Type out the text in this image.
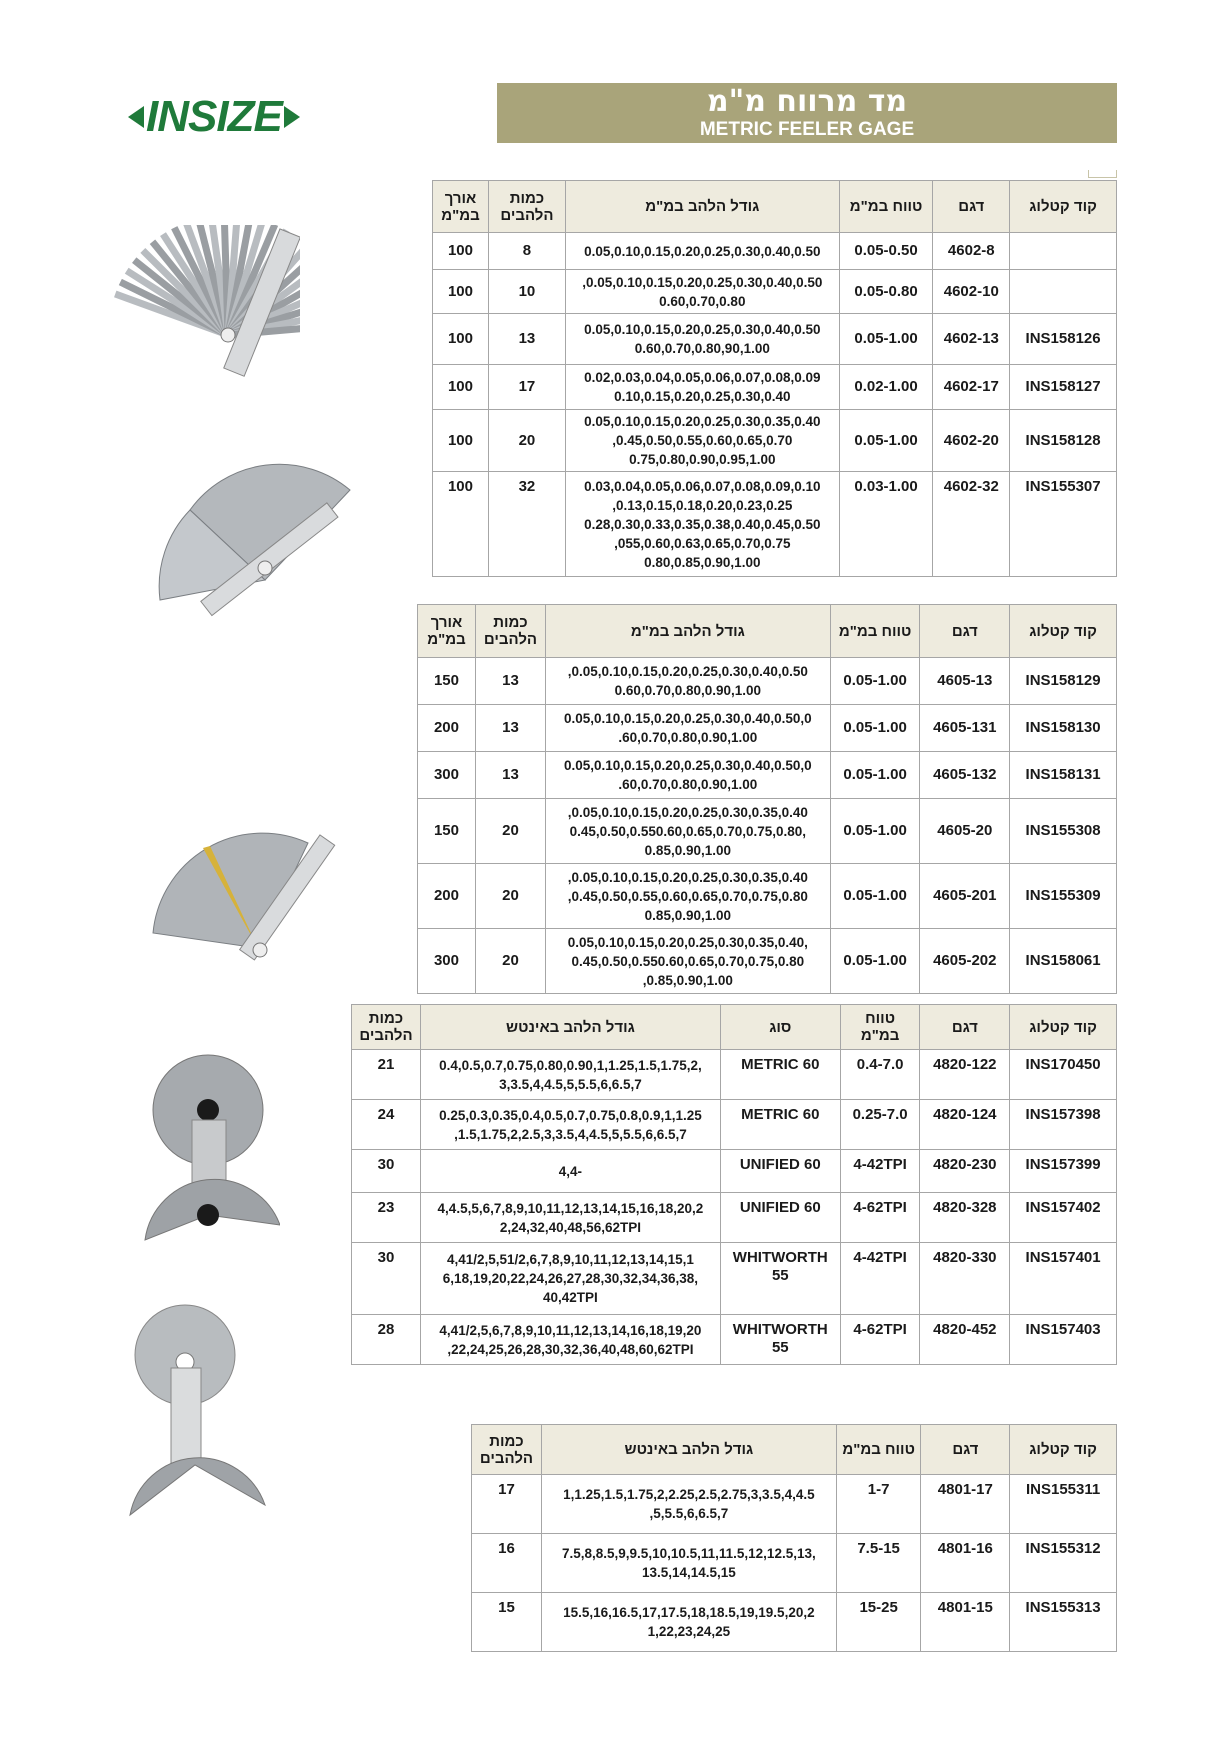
INSIZE	מד מרווח מ"מ
METRIC FEELER GAGE
קוד קטלוג	דגם	טווח במ"מ	גודל הלהב במ"מ	כמות הלהבים	אורך במ"מ
	4602-8	0.05-0.50	0.05,0.10,0.15,0.20,0.25,0.30,0.40,0.50	8	100
	4602-10	0.05-0.80	,0.05,0.10,0.15,0.20,0.25,0.30,0.40,0.50
0.60,0.70,0.80	10	100
INS158126	4602-13	0.05-1.00	0.05,0.10,0.15,0.20,0.25,0.30,0.40,0.50
0.60,0.70,0.80,90,1.00	13	100
INS158127	4602-17	0.02-1.00	0.02,0.03,0.04,0.05,0.06,0.07,0.08,0.09
0.10,0.15,0.20,0.25,0.30,0.40	17	100
INS158128	4602-20	0.05-1.00	0.05,0.10,0.15,0.20,0.25,0.30,0.35,0.40
,0.45,0.50,0.55,0.60,0.65,0.70
0.75,0.80,0.90,0.95,1.00	20	100
INS155307	4602-32	0.03-1.00	0.03,0.04,0.05,0.06,0.07,0.08,0.09,0.10
,0.13,0.15,0.18,0.20,0.23,0.25
0.28,0.30,0.33,0.35,0.38,0.40,0.45,0.50
,055,0.60,0.63,0.65,0.70,0.75
0.80,0.85,0.90,1.00	32	100
קוד קטלוג	דגם	טווח במ"מ	גודל הלהב במ"מ	כמות הלהבים	אורך במ"מ
INS158129	4605-13	0.05-1.00	,0.05,0.10,0.15,0.20,0.25,0.30,0.40,0.50
0.60,0.70,0.80,0.90,1.00	13	150
INS158130	4605-131	0.05-1.00	0.05,0.10,0.15,0.20,0.25,0.30,0.40,0.50,0
.60,0.70,0.80,0.90,1.00	13	200
INS158131	4605-132	0.05-1.00	0.05,0.10,0.15,0.20,0.25,0.30,0.40,0.50,0
.60,0.70,0.80,0.90,1.00	13	300
INS155308	4605-20	0.05-1.00	,0.05,0.10,0.15,0.20,0.25,0.30,0.35,0.40
0.45,0.50,0.550.60,0.65,0.70,0.75,0.80,
0.85,0.90,1.00	20	150
INS155309	4605-201	0.05-1.00	,0.05,0.10,0.15,0.20,0.25,0.30,0.35,0.40
,0.45,0.50,0.55,0.60,0.65,0.70,0.75,0.80
0.85,0.90,1.00	20	200
INS158061	4605-202	0.05-1.00	0.05,0.10,0.15,0.20,0.25,0.30,0.35,0.40,
0.45,0.50,0.550.60,0.65,0.70,0.75,0.80
,0.85,0.90,1.00	20	300
קוד קטלוג	דגם	טווח במ"מ	סוג	גודל הלהב באינטש	כמות הלהבים
INS170450	4820-122	0.4-7.0	METRIC 60	0.4,0.5,0.7,0.75,0.80,0.90,1,1.25,1.5,1.75,2,
3,3.5,4,4.5,5,5.5,6,6.5,7	21
INS157398	4820-124	0.25-7.0	METRIC 60	0.25,0.3,0.35,0.4,0.5,0.7,0.75,0.8,0.9,1,1.25
,1.5,1.75,2,2.5,3,3.5,4,4.5,5,5.5,6,6.5,7	24
INS157399	4820-230	4-42TPI	UNIFIED 60	4,4-	30
INS157402	4820-328	4-62TPI	UNIFIED 60	4,4.5,5,6,7,8,9,10,11,12,13,14,15,16,18,20,2
2,24,32,40,48,56,62TPI	23
INS157401	4820-330	4-42TPI	WHITWORTH 55	4,41/2,5,51/2,6,7,8,9,10,11,12,13,14,15,1
6,18,19,20,22,24,26,27,28,30,32,34,36,38,
40,42TPI	30
INS157403	4820-452	4-62TPI	WHITWORTH 55	4,41/2,5,6,7,8,9,10,11,12,13,14,16,18,19,20
,22,24,25,26,28,30,32,36,40,48,60,62TPI	28
קוד קטלוג	דגם	טווח במ"מ	גודל הלהב באינטש	כמות הלהבים
INS155311	4801-17	1-7	1,1.25,1.5,1.75,2,2.25,2.5,2.75,3,3.5,4,4.5
,5,5.5,6,6.5,7	17
INS155312	4801-16	7.5-15	7.5,8,8.5,9,9.5,10,10.5,11,11.5,12,12.5,13,
13.5,14,14.5,15	16
INS155313	4801-15	15-25	15.5,16,16.5,17,17.5,18,18.5,19,19.5,20,2
1,22,23,24,25	15
